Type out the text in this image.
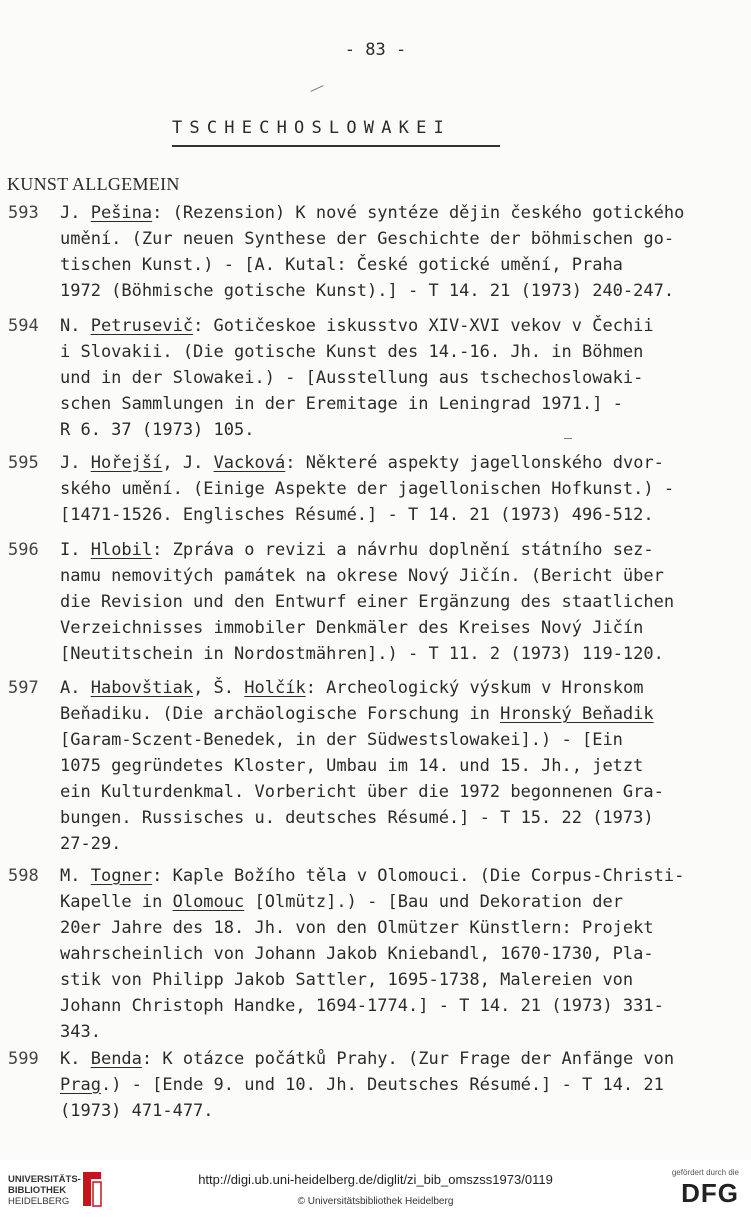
- 83 -
TSCHECHOSLOWAKEI
KUNST ALLGEMEIN
593 J. Pešina: (Rezension) K nové syntéze dějin českého gotického
umění. (Zur neuen Synthese der Geschichte der böhmischen go-
tischen Kunst.) - [A. Kutal: České gotické umění, Praha
1972 (Böhmische gotische Kunst).] - T 14. 21 (1973) 240-247.
594 N. Petrusevič: Gotičeskoe iskusstvo XIV-XVI vekov v Čechii
i Slovakii. (Die gotische Kunst des 14.-16. Jh. in Böhmen
und in der Slowakei.) - [Ausstellung aus tschechoslowaki-
schen Sammlungen in der Eremitage in Leningrad 1971.] -
R 6. 37 (1973) 105.
595 J. Hořejší, J. Vacková: Některé aspekty jagellonského dvor-
ského umění. (Einige Aspekte der jagellonischen Hofkunst.) -
[1471-1526. Englisches Résumé.] - T 14. 21 (1973) 496-512.
596 I. Hlobil: Zpráva o revizi a návrhu doplnění státního sez-
namu nemovitých památek na okrese Nový Jičín. (Bericht über
die Revision und den Entwurf einer Ergänzung des staatlichen
Verzeichnisses immobiler Denkmäler des Kreises Nový Jičín
[Neutitschein in Nordostmähren].) - T 11. 2 (1973) 119-120.
597 A. Habovštiak, Š. Holčík: Archeologický výskum v Hronskom
Beňadiku. (Die archäologische Forschung in Hronský Beňadik
[Garam-Sczent-Benedek, in der Südwestslowakei].) - [Ein
1075 gegründetes Kloster, Umbau im 14. und 15. Jh., jetzt
ein Kulturdenkmal. Vorbericht über die 1972 begonnenen Gra-
bungen. Russisches u. deutsches Résumé.] - T 15. 22 (1973)
27-29.
598 M. Togner: Kaple Božího těla v Olomouci. (Die Corpus-Christi-
Kapelle in Olomouc [Olmütz].) - [Bau und Dekoration der
20er Jahre des 18. Jh. von den Olmützer Künstlern: Projekt
wahrscheinlich von Johann Jakob Kniebandl, 1670-1730, Pla-
stik von Philipp Jakob Sattler, 1695-1738, Malereien von
Johann Christoph Handke, 1694-1774.] - T 14. 21 (1973) 331-
343.
599 K. Benda: K otázce počátků Prahy. (Zur Frage der Anfänge von
Prag.) - [Ende 9. und 10. Jh. Deutsches Résumé.] - T 14. 21
(1973) 471-477.
UNIVERSITÄTS-
BIBLIOTHEK
HEIDELBERG
http://digi.ub.uni-heidelberg.de/diglit/zi_bib_omszss1973/0119
© Universitätsbibliothek Heidelberg
gefördert durch die
DFG
